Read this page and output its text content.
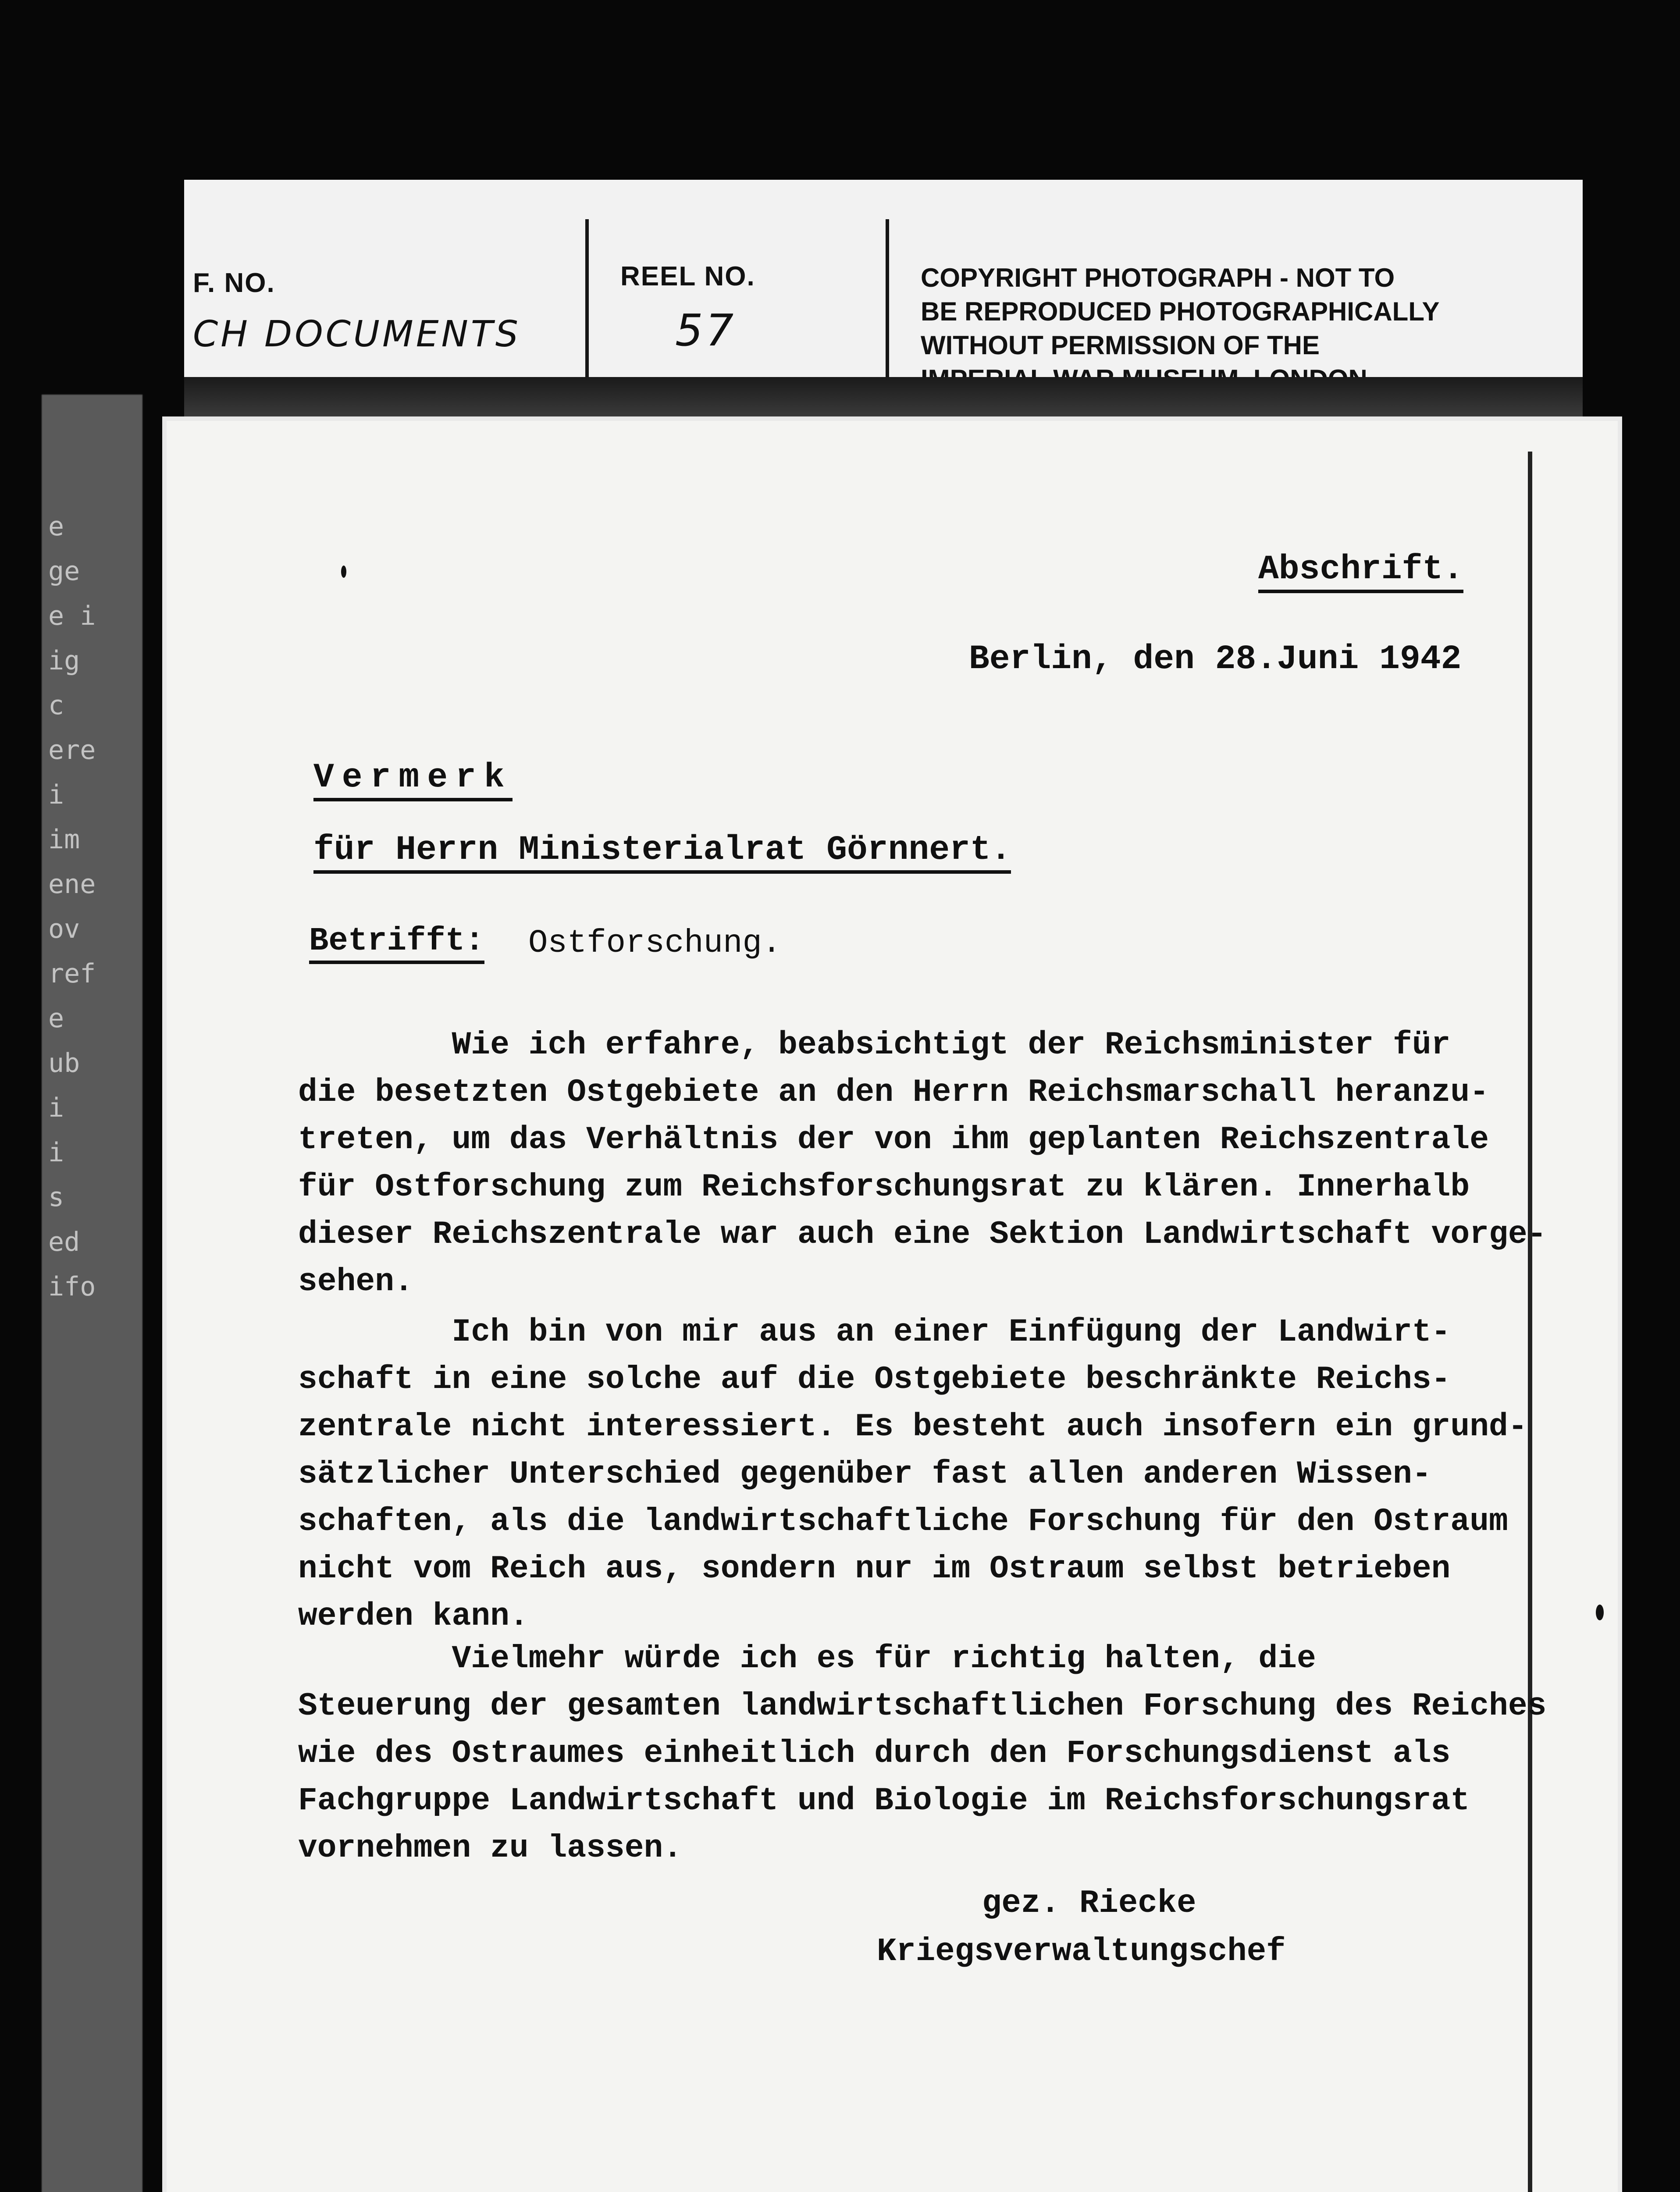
e
ge
e i
ig
c
ere
i
im
ene
ov
ref
e
ub
i
i
s
ed
ifo
F. NO.
CH DOCUMENTS
REEL NO.
57
COPYRIGHT PHOTOGRAPH - NOT TO
BE REPRODUCED PHOTOGRAPHICALLY
WITHOUT PERMISSION OF THE
Abschrift.
Berlin, den 28.Juni 1942
Vermerk
für Herrn Ministerialrat Görnnert.
Betrifft: Ostforschung.
Wie ich erfahre, beabsichtigt der Reichsminister für
die besetzten Ostgebiete an den Herrn Reichsmarschall heranzu-
treten, um das Verhältnis der von ihm geplanten Reichszentrale
für Ostforschung zum Reichsforschungsrat zu klären. Innerhalb
dieser Reichszentrale war auch eine Sektion Landwirtschaft vorge-
sehen.
Ich bin von mir aus an einer Einfügung der Landwirt-
schaft in eine solche auf die Ostgebiete beschränkte Reichs-
zentrale nicht interessiert. Es besteht auch insofern ein grund-
sätzlicher Unterschied gegenüber fast allen anderen Wissen-
schaften, als die landwirtschaftliche Forschung für den Ostraum
nicht vom Reich aus, sondern nur im Ostraum selbst betrieben
werden kann.
Vielmehr würde ich es für richtig halten, die
Steuerung der gesamten landwirtschaftlichen Forschung des Reiches
wie des Ostraumes einheitlich durch den Forschungsdienst als
Fachgruppe Landwirtschaft und Biologie im Reichsforschungsrat
vornehmen zu lassen.
gez. Riecke
Kriegsverwaltungschef
